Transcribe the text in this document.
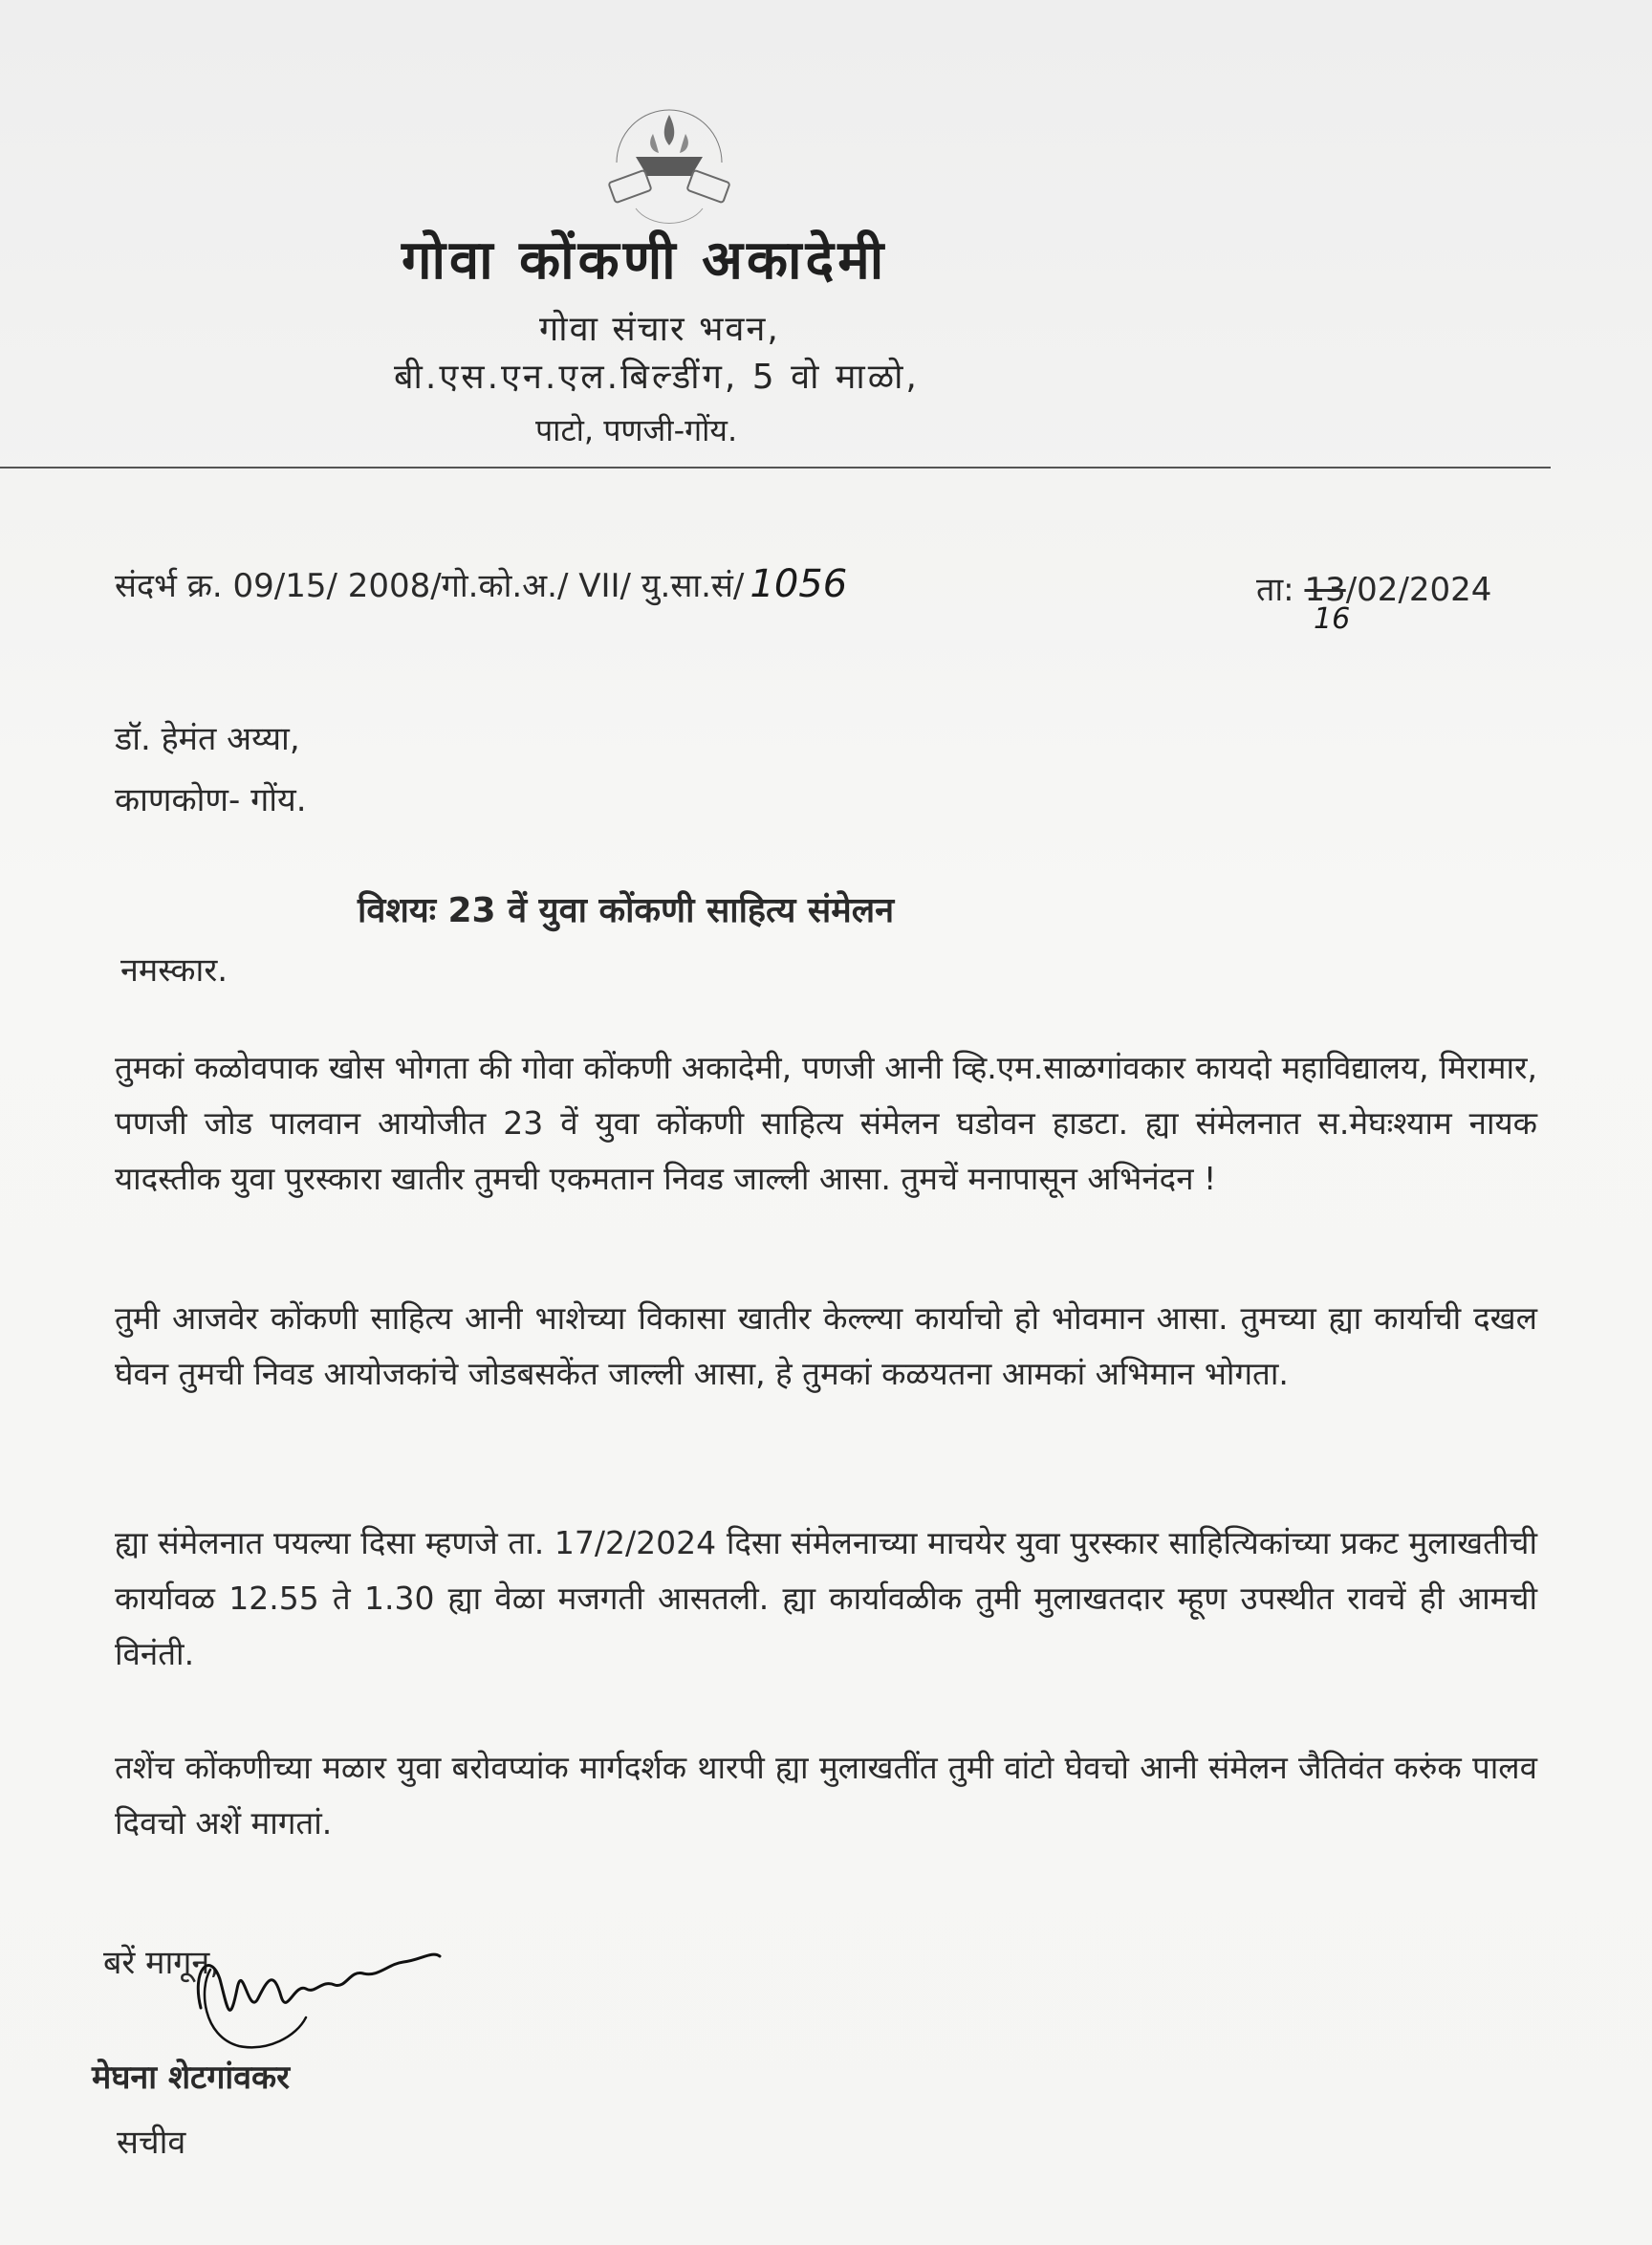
गोवा कोंकणी अकादेमी
गोवा संचार भवन,
बी.एस.एन.एल.बिल्डींग, 5 वो माळो,
पाटो, पणजी-गोंय.
संदर्भ क्र. 09/15/ 2008/गो.को.अ./ VII/ यु.सा.सं/ 1056	ता: 13/02/2024
16
डॉ. हेमंत अय्या,
काणकोण- गोंय.
विशयः 23 वें युवा कोंकणी साहित्य संमेलन
नमस्कार.
तुमकां कळोवपाक खोस भोगता की गोवा कोंकणी अकादेमी, पणजी आनी व्हि.एम.साळगांवकार कायदो महाविद्यालय, मिरामार, पणजी जोड पालवान आयोजीत 23 वें युवा कोंकणी साहित्य संमेलन घडोवन हाडटा. ह्या संमेलनात स.मेघःश्याम नायक यादस्तीक युवा पुरस्कारा खातीर तुमची एकमतान निवड जाल्ली आसा. तुमचें मनापासून अभिनंदन !
तुमी आजवेर कोंकणी साहित्य आनी भाशेच्या विकासा खातीर केल्ल्या कार्याचो हो भोवमान आसा. तुमच्या ह्या कार्याची दखल घेवन तुमची निवड आयोजकांचे जोडबसकेंत जाल्ली आसा, हे तुमकां कळयतना आमकां अभिमान भोगता.
ह्या संमेलनात पयल्या दिसा म्हणजे ता. 17/2/2024 दिसा संमेलनाच्या माचयेर युवा पुरस्कार साहित्यिकांच्या प्रकट मुलाखतीची कार्यावळ 12.55 ते 1.30 ह्या वेळा मजगती आसतली. ह्या कार्यावळीक तुमी मुलाखतदार म्हूण उपस्थीत रावचें ही आमची विनंती.
तशेंच कोंकणीच्या मळार युवा बरोवप्यांक मार्गदर्शक थारपी ह्या मुलाखतींत तुमी वांटो घेवचो आनी संमेलन जैतिवंत करुंक पालव दिवचो अशें मागतां.
बरें मागून,
मेघना शेटगांवकर
सचीव
